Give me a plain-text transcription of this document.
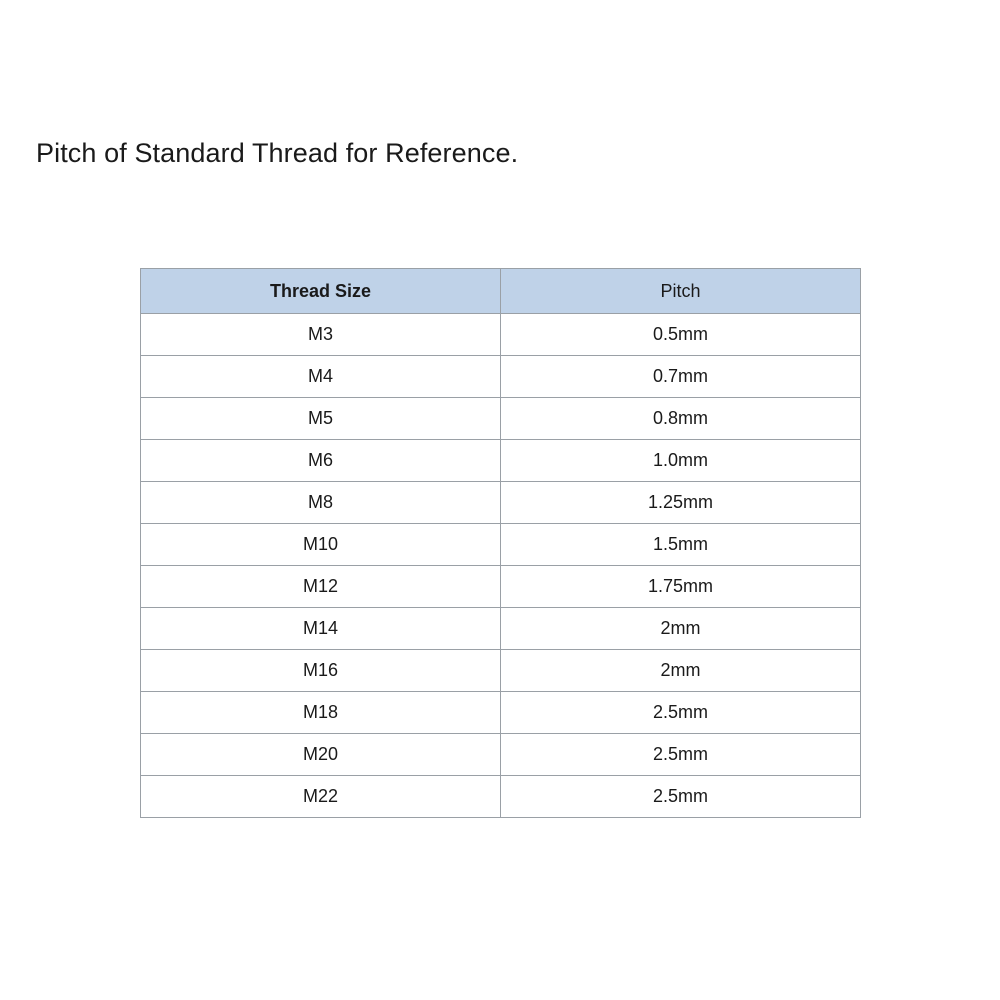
Pitch of Standard Thread for Reference.
Thread Size	Pitch
M3	0.5mm
M4	0.7mm
M5	0.8mm
M6	1.0mm
M8	1.25mm
M10	1.5mm
M12	1.75mm
M14	2mm
M16	2mm
M18	2.5mm
M20	2.5mm
M22	2.5mm
